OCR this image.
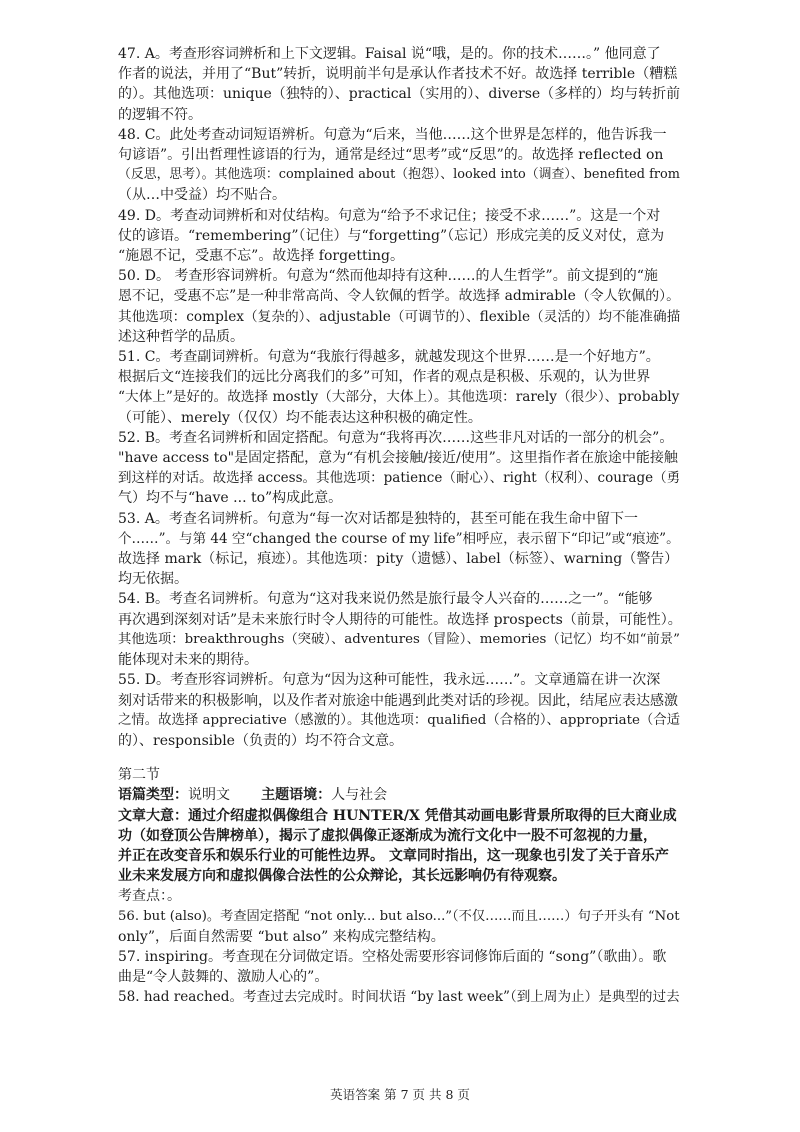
47. A。考查形容词辨析和上下文逻辑。Faisal 说“哦，是的。你的技术……。” 他同意了
作者的说法，并用了“But”转折，说明前半句是承认作者技术不好。故选择 terrible（糟糕
的）。其他选项：unique（独特的）、practical（实用的）、diverse（多样的）均与转折前
的逻辑不符。
48. C。此处考查动词短语辨析。句意为“后来，当他……这个世界是怎样的，他告诉我一
句谚语”。引出哲理性谚语的行为，通常是经过“思考”或“反思”的。故选择 reflected on
（反思，思考）。其他选项：complained about（抱怨）、looked into（调查）、benefited from
（从…中受益）均不贴合。
49. D。考查动词辨析和对仗结构。句意为“给予不求记住；接受不求……”。这是一个对
仗的谚语。“remembering”（记住）与“forgetting”（忘记）形成完美的反义对仗，意为
“施恩不记，受惠不忘”。故选择 forgetting。
50. D。 考查形容词辨析。句意为“然而他却持有这种……的人生哲学”。前文提到的“施
恩不记，受惠不忘”是一种非常高尚、令人钦佩的哲学。故选择 admirable（令人钦佩的）。
其他选项：complex（复杂的）、adjustable（可调节的）、flexible（灵活的）均不能准确描
述这种哲学的品质。
51. C。考查副词辨析。句意为“我旅行得越多，就越发现这个世界……是一个好地方”。
根据后文“连接我们的远比分离我们的多”可知，作者的观点是积极、乐观的，认为世界
“大体上”是好的。故选择 mostly（大部分，大体上）。其他选项：rarely（很少）、probably
（可能）、merely（仅仅）均不能表达这种积极的确定性。
52. B。考查名词辨析和固定搭配。句意为“我将再次……这些非凡对话的一部分的机会”。
"have access to"是固定搭配，意为“有机会接触/接近/使用”。这里指作者在旅途中能接触
到这样的对话。故选择 access。其他选项：patience（耐心）、right（权利）、courage（勇
气）均不与“have ... to”构成此意。
53. A。考查名词辨析。句意为“每一次对话都是独特的，甚至可能在我生命中留下一
个……”。与第 44 空“changed the course of my life”相呼应，表示留下“印记”或“痕迹”。
故选择 mark（标记，痕迹）。其他选项：pity（遗憾）、label（标签）、warning（警告）
均无依据。
54. B。考查名词辨析。句意为“这对我来说仍然是旅行最令人兴奋的……之一”。“能够
再次遇到深刻对话”是未来旅行时令人期待的可能性。故选择 prospects（前景，可能性）。
其他选项：breakthroughs（突破）、adventures（冒险）、memories（记忆）均不如“前景”
能体现对未来的期待。
55. D。考查形容词辨析。句意为“因为这种可能性，我永远……”。文章通篇在讲一次深
刻对话带来的积极影响，以及作者对旅途中能遇到此类对话的珍视。因此，结尾应表达感激
之情。故选择 appreciative（感激的）。其他选项：qualified（合格的）、appropriate（合适
的）、responsible（负责的）均不符合文意。
第二节
语篇类型：说明文 主题语境：人与社会
文章大意：通过介绍虚拟偶像组合 HUNTER/X 凭借其动画电影背景所取得的巨大商业成
功（如登顶公告牌榜单），揭示了虚拟偶像正逐渐成为流行文化中一股不可忽视的力量，
并正在改变音乐和娱乐行业的可能性边界。 文章同时指出，这一现象也引发了关于音乐产
业未来发展方向和虚拟偶像合法性的公众辩论，其长远影响仍有待观察。
考查点：。
56. but (also)。考查固定搭配 “not only... but also...”（不仅……而且……）句子开头有 “Not
only”，后面自然需要 “but also” 来构成完整结构。
57. inspiring。考查现在分词做定语。空格处需要形容词修饰后面的 “song”（歌曲）。歌
曲是“令人鼓舞的、激励人心的”。
58. had reached。考查过去完成时。时间状语 “by last week”（到上周为止）是典型的过去
英语答案 第 7 页 共 8 页
